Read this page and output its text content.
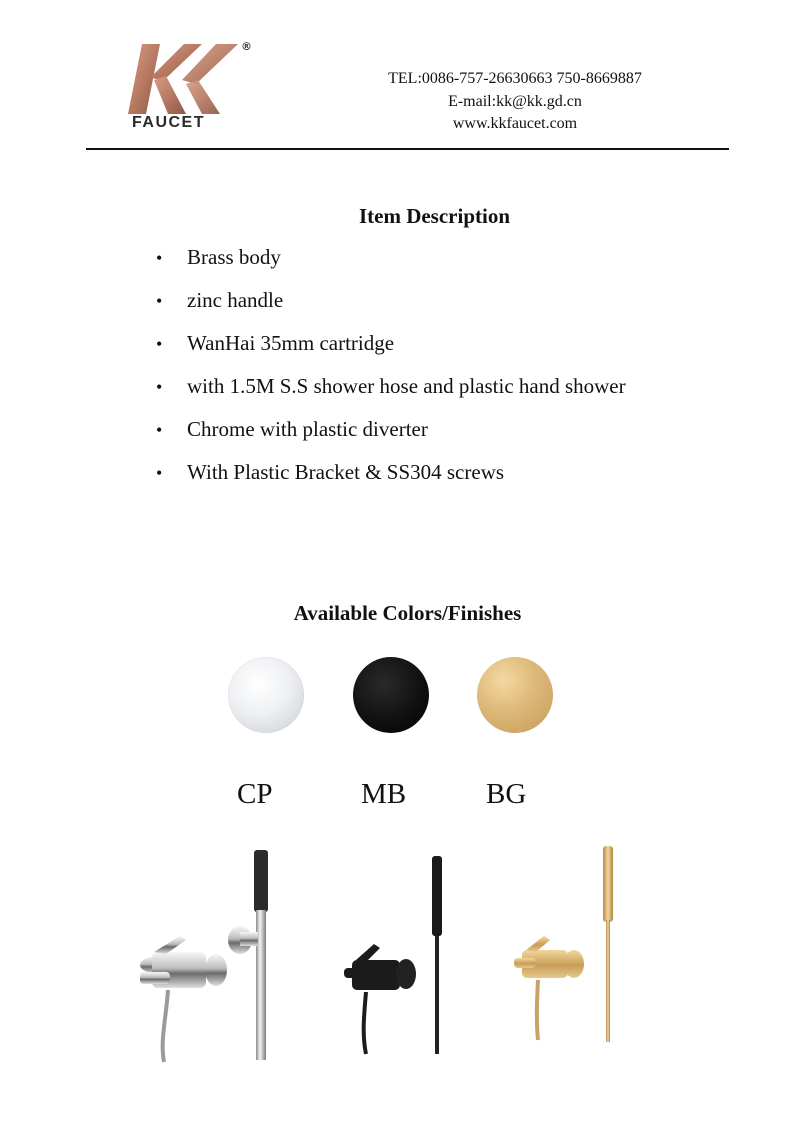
FAUCET
®
TEL:0086-757-26630663 750-8669887
E-mail:kk@kk.gd.cn
www.kkfaucet.com
Item Description
• Brass body
• zinc handle
• WanHai 35mm cartridge
• with 1.5M S.S shower hose and plastic hand shower
• Chrome with plastic diverter
• With Plastic Bracket & SS304 screws
Available Colors/Finishes
CP	MB	BG
